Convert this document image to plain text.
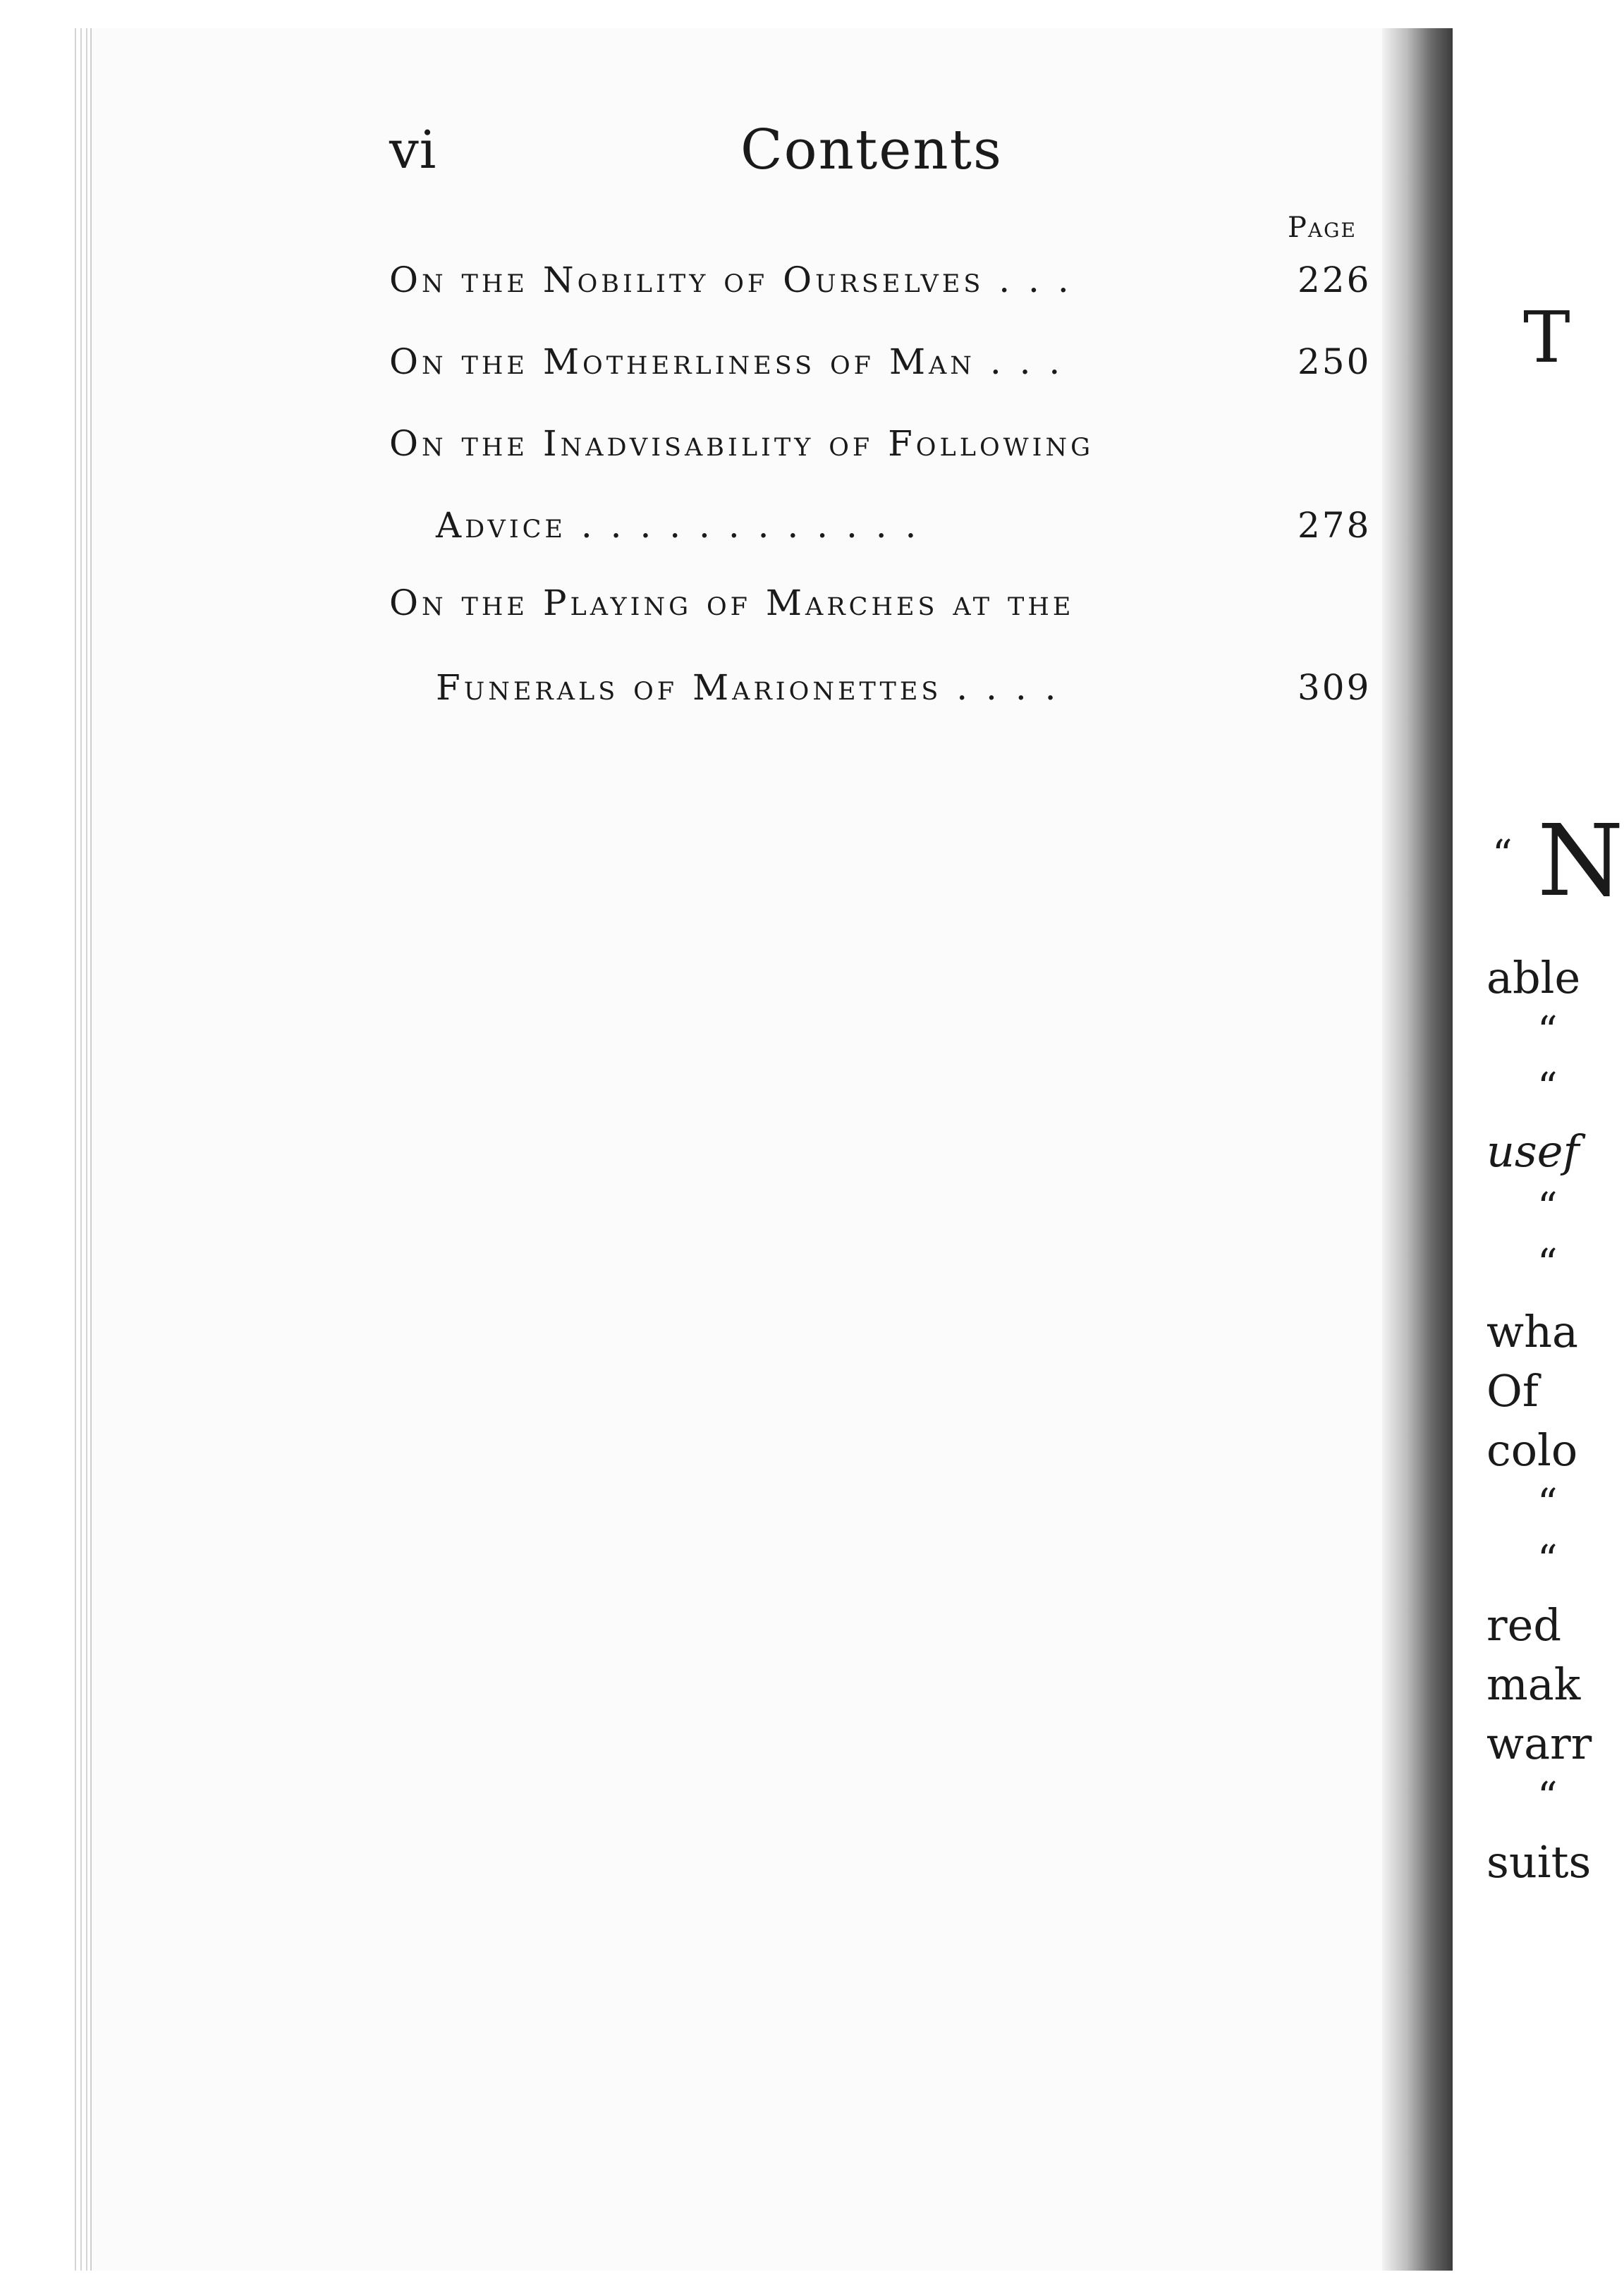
vi	Contents
Page
On the Nobility of Ourselves . . .	226
On the Motherliness of Man . . .	250
On the Inadvisability of Following
Advice . . . . . . . . . . . .	278
On the Playing of Marches at the
Funerals of Marionettes . . . .	309
T
“ N
able
“
“
usef
“
“
wha
Of
colo
“
“
red
mak
warr
“
suits
